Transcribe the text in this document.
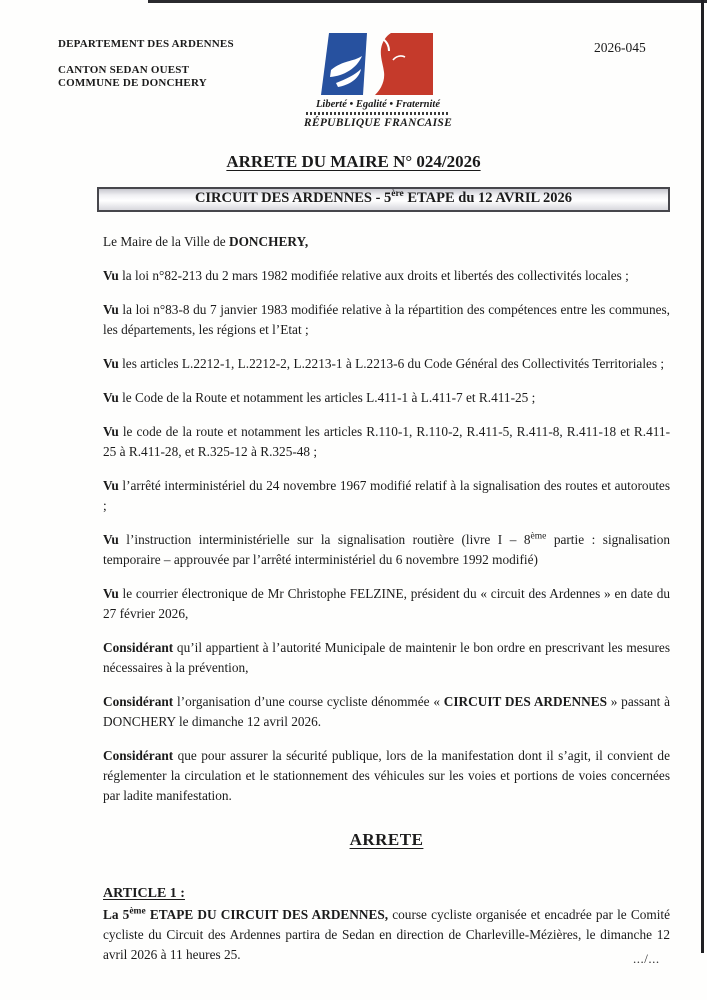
DEPARTEMENT DES ARDENNES
CANTON SEDAN OUEST
COMMUNE DE DONCHERY
Liberté • Egalité • Fraternité
RÉPUBLIQUE FRANCAISE
2026-045
ARRETE DU MAIRE N° 024/2026
CIRCUIT DES ARDENNES - 5ère ETAPE du 12 AVRIL 2026

Le Maire de la Ville de DONCHERY,

Vu la loi n°82-213 du 2 mars 1982 modifiée relative aux droits et libertés des collectivités locales ;

Vu la loi n°83-8 du 7 janvier 1983 modifiée relative à la répartition des compétences entre les communes, les départements, les régions et l’Etat ;

Vu les articles L.2212-1, L.2212-2, L.2213-1 à L.2213-6 du Code Général des Collectivités Territoriales ;

Vu le Code de la Route et notamment les articles L.411-1 à L.411-7 et R.411-25 ;

Vu le code de la route et notamment les articles R.110-1, R.110-2, R.411-5, R.411-8, R.411-18 et R.411-25 à R.411-28, et R.325-12 à R.325-48 ;

Vu l’arrêté interministériel du 24 novembre 1967 modifié relatif à la signalisation des routes et autoroutes ;

Vu l’instruction interministérielle sur la signalisation routière (livre I – 8ème partie : signalisation temporaire – approuvée par l’arrêté interministériel du 6 novembre 1992 modifié)

Vu le courrier électronique de Mr Christophe FELZINE, président du « circuit des Ardennes » en date du 27 février 2026,

Considérant qu’il appartient à l’autorité Municipale de maintenir le bon ordre en prescrivant les mesures nécessaires à la prévention,

Considérant l’organisation d’une course cycliste dénommée « CIRCUIT DES ARDENNES » passant à DONCHERY le dimanche 12 avril 2026.

Considérant que pour assurer la sécurité publique, lors de la manifestation dont il s’agit, il convient de réglementer la circulation et le stationnement des véhicules sur les voies et portions de voies concernées par ladite manifestation.

ARRETE
ARTICLE 1 :

La 5ème ETAPE DU CIRCUIT DES ARDENNES, course cycliste organisée et encadrée par le Comité cycliste du Circuit des Ardennes partira de Sedan en direction de Charleville-Mézières, le dimanche 12 avril 2026 à 11 heures 25.	.../...
